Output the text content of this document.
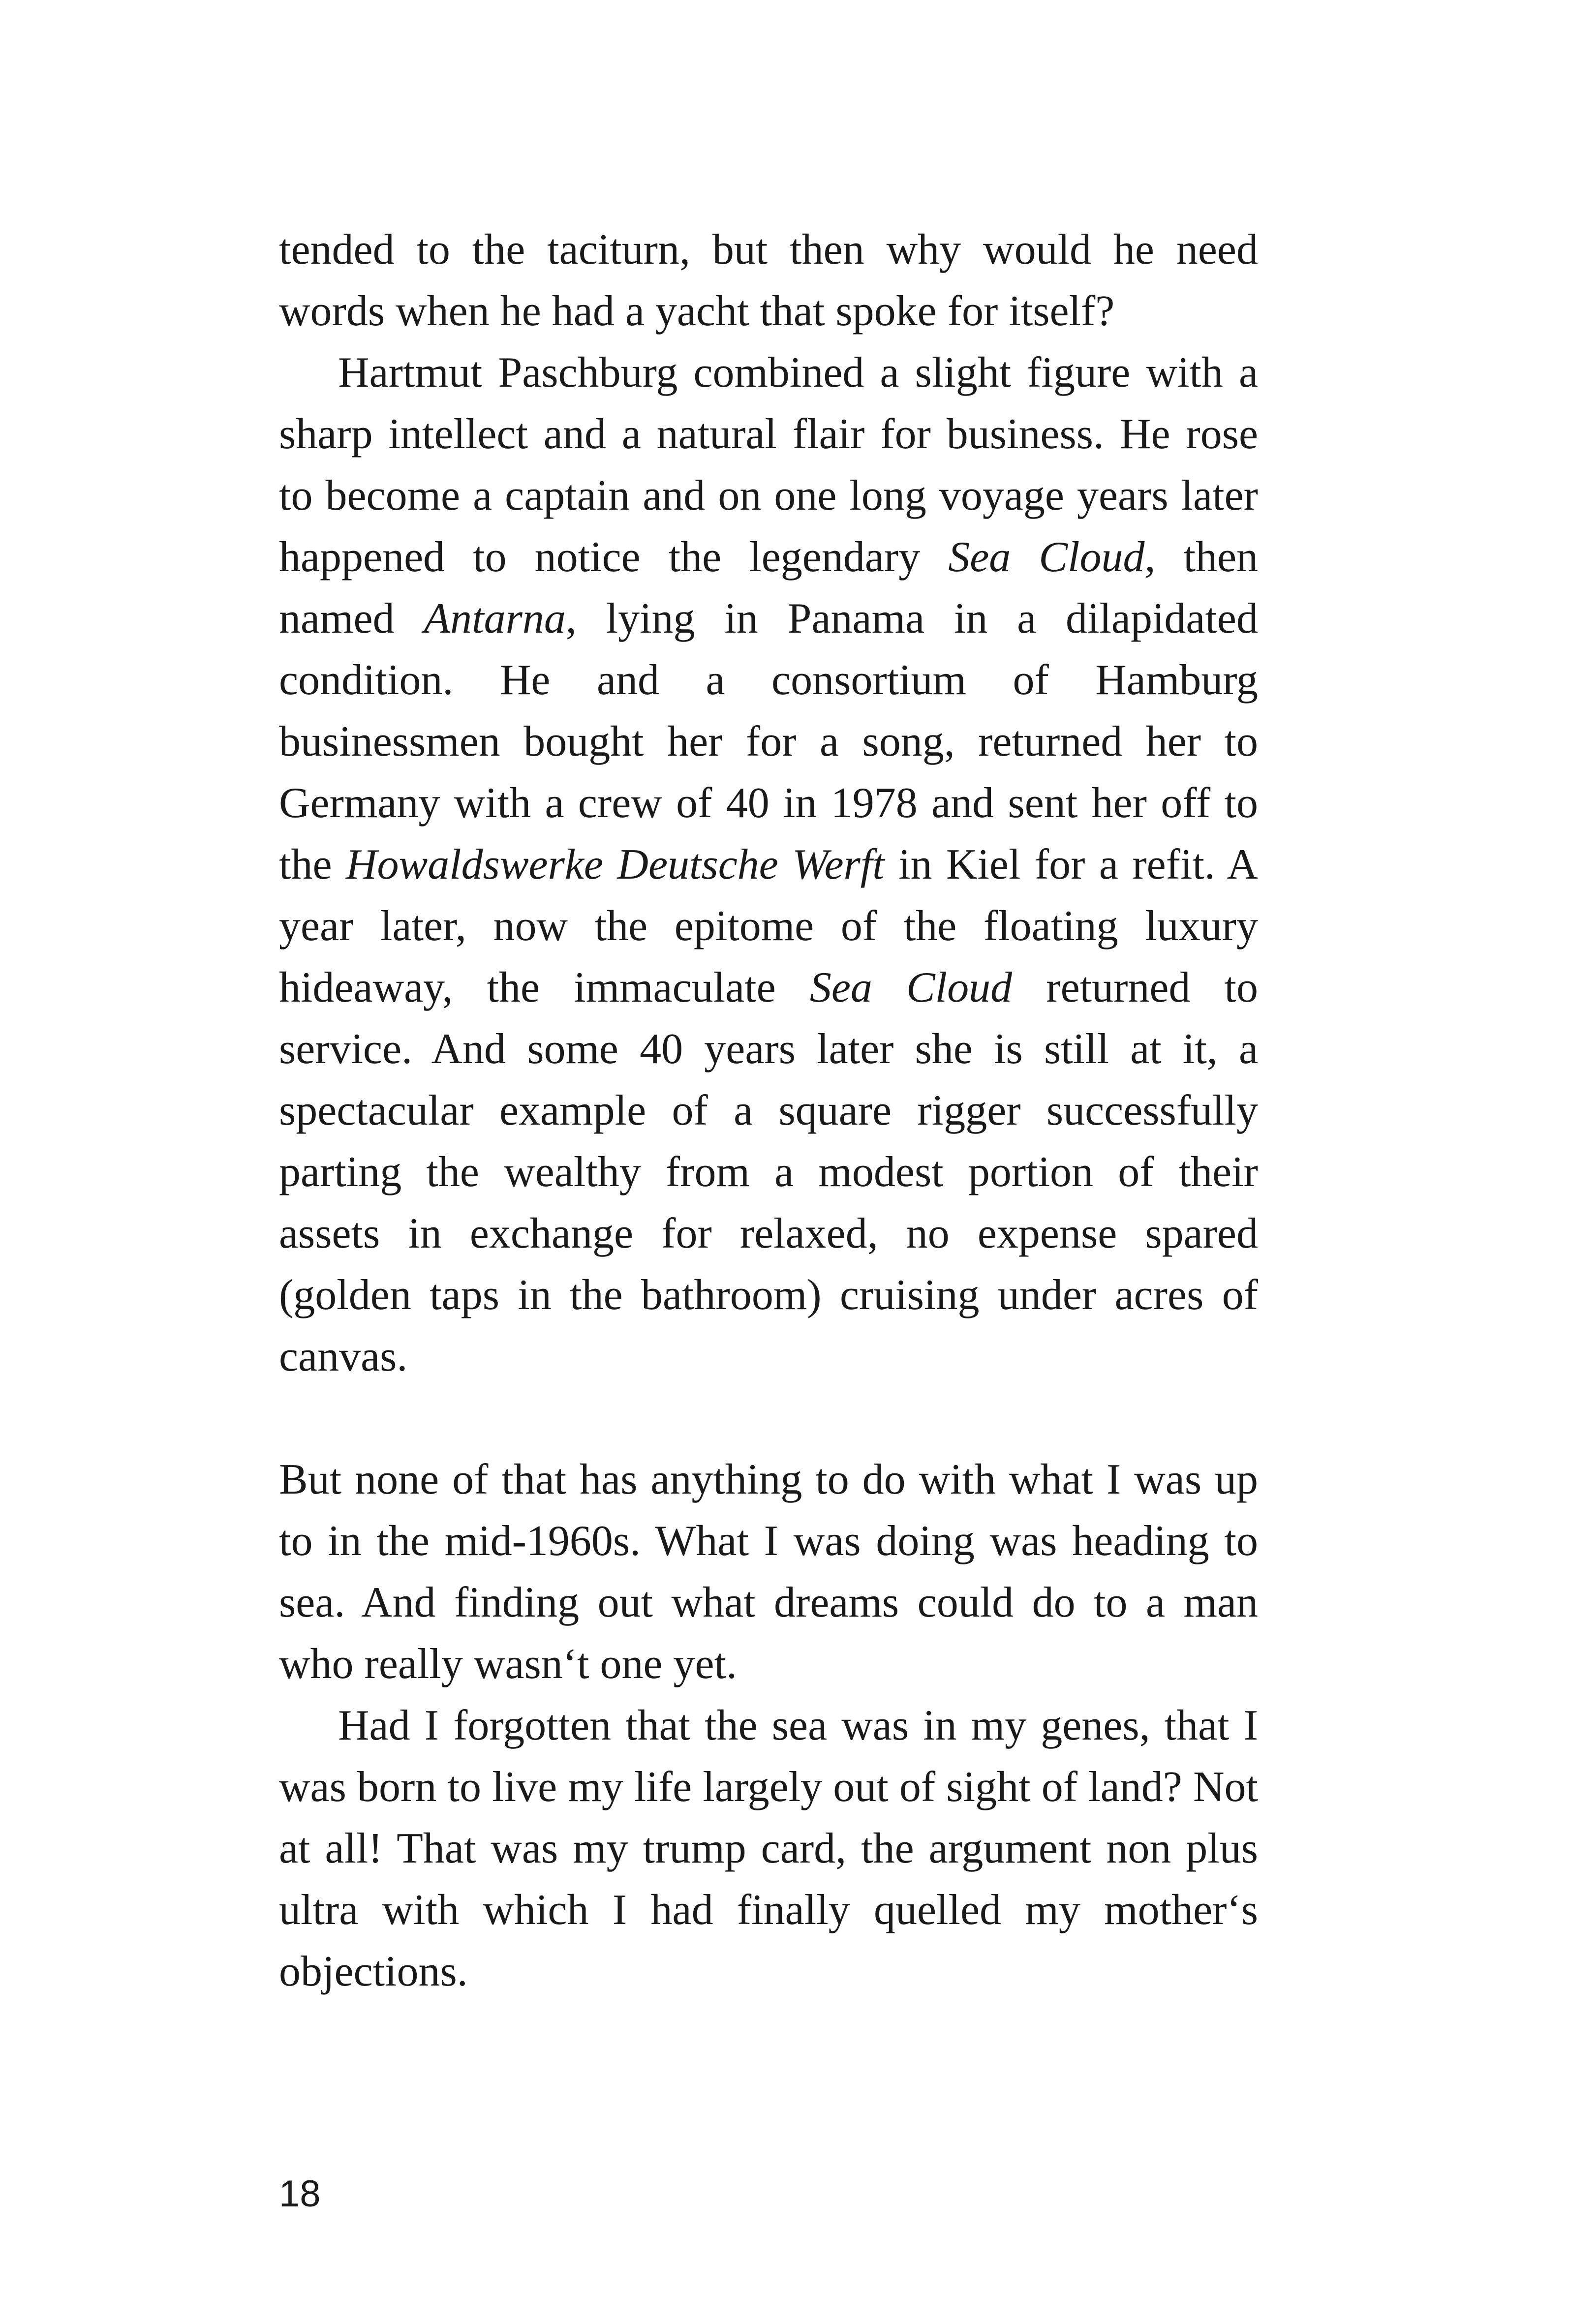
tended to the taciturn, but then why would he need words when he had a yacht that spoke for itself?

Hartmut Paschburg combined a slight figure with a sharp intellect and a natural flair for business. He rose to become a captain and on one long voyage years later happened to notice the legendary Sea Cloud, then named Antarna, lying in Panama in a dilapidated condition. He and a consortium of Hamburg businessmen bought her for a song, returned her to Germany with a crew of 40 in 1978 and sent her off to the Howaldswerke Deutsche Werft in Kiel for a refit. A year later, now the epitome of the floating luxury hideaway, the immaculate Sea Cloud returned to service. And some 40 years later she is still at it, a spectacular example of a square rigger successfully parting the wealthy from a modest portion of their assets in exchange for relaxed, no expense spared (golden taps in the bathroom) cruising under acres of canvas.

But none of that has anything to do with what I was up to in the mid-1960s. What I was doing was heading to sea. And finding out what dreams could do to a man who really wasn‘t one yet.

Had I forgotten that the sea was in my genes, that I was born to live my life largely out of sight of land? Not at all! That was my trump card, the argument non plus ultra with which I had finally quelled my mother‘s objections.

18
